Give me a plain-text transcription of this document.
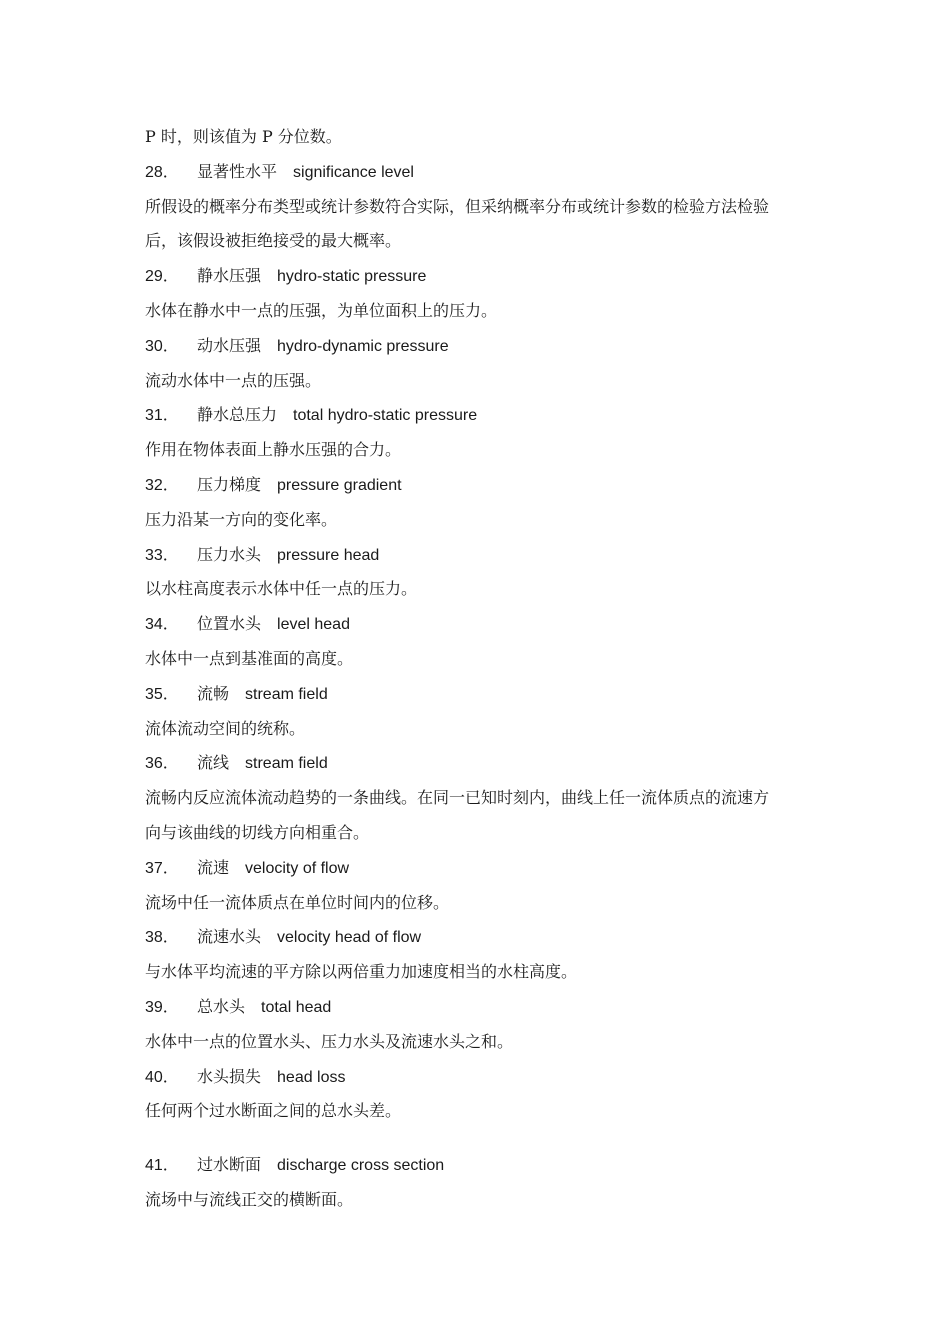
P 时，则该值为 P 分位数。
28． 显著性水平 significance level
所假设的概率分布类型或统计参数符合实际，但采纳概率分布或统计参数的检验方法检验
后，该假设被拒绝接受的最大概率。
29． 静水压强 hydro-static pressure
水体在静水中一点的压强，为单位面积上的压力。
30． 动水压强 hydro-dynamic pressure
流动水体中一点的压强。
31． 静水总压力 total hydro-static pressure
作用在物体表面上静水压强的合力。
32． 压力梯度 pressure gradient
压力沿某一方向的变化率。
33． 压力水头 pressure head
以水柱高度表示水体中任一点的压力。
34． 位置水头 level head
水体中一点到基准面的高度。
35． 流畅 stream field
流体流动空间的统称。
36． 流线 stream field
流畅内反应流体流动趋势的一条曲线。在同一已知时刻内，曲线上任一流体质点的流速方
向与该曲线的切线方向相重合。
37． 流速 velocity of flow
流场中任一流体质点在单位时间内的位移。
38． 流速水头 velocity head of flow
与水体平均流速的平方除以两倍重力加速度相当的水柱高度。
39． 总水头 total head
水体中一点的位置水头、压力水头及流速水头之和。
40． 水头损失 head loss
任何两个过水断面之间的总水头差。
41． 过水断面 discharge cross section
流场中与流线正交的横断面。
